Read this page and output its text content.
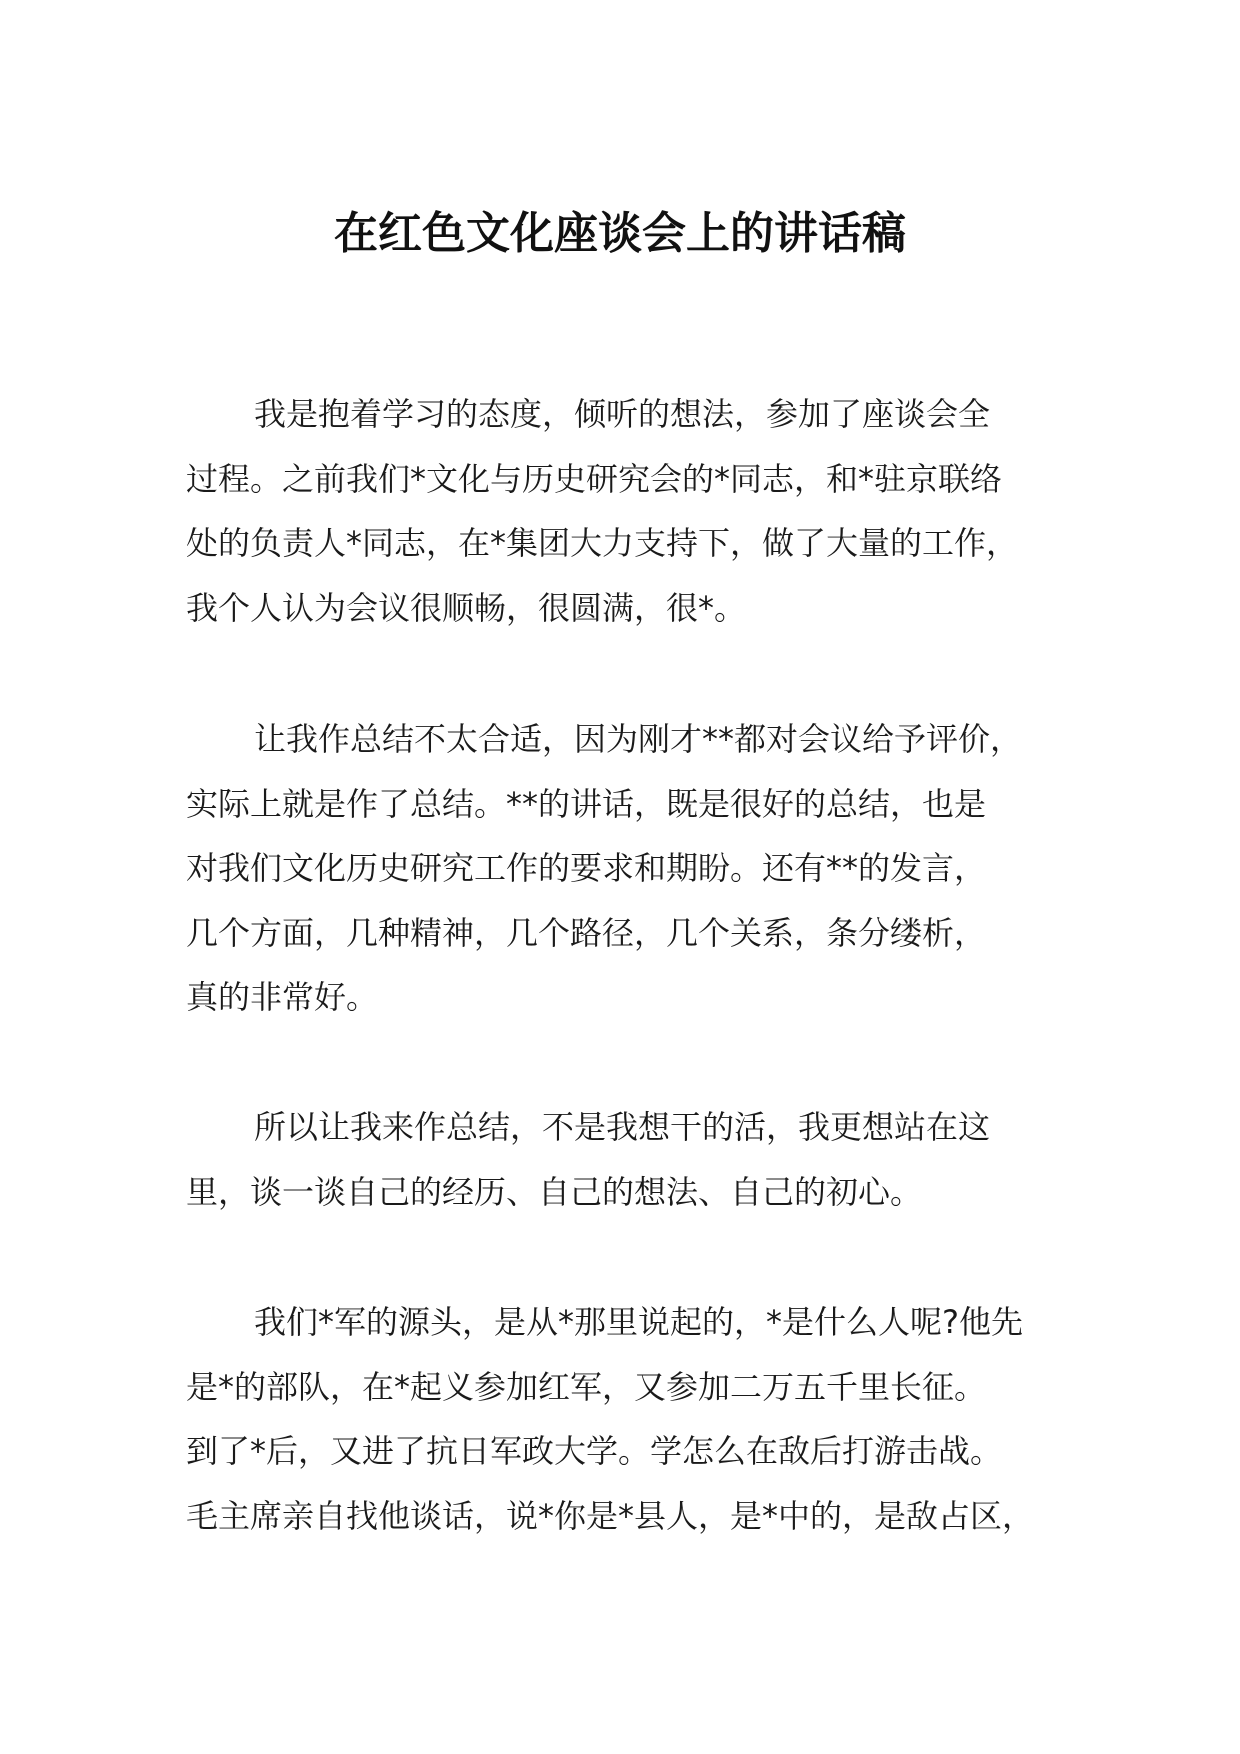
在红色文化座谈会上的讲话稿
我是抱着学习的态度，倾听的想法，参加了座谈会全
过程。之前我们*文化与历史研究会的*同志，和*驻京联络
处的负责人*同志，在*集团大力支持下，做了大量的工作，
我个人认为会议很顺畅，很圆满，很*。
让我作总结不太合适，因为刚才**都对会议给予评价，
实际上就是作了总结。**的讲话，既是很好的总结，也是
对我们文化历史研究工作的要求和期盼。还有**的发言，
几个方面，几种精神，几个路径，几个关系，条分缕析，
真的非常好。
所以让我来作总结，不是我想干的活，我更想站在这
里，谈一谈自己的经历、自己的想法、自己的初心。
我们*军的源头，是从*那里说起的，*是什么人呢?他先
是*的部队，在*起义参加红军，又参加二万五千里长征。
到了*后，又进了抗日军政大学。学怎么在敌后打游击战。
毛主席亲自找他谈话，说*你是*县人，是*中的，是敌占区，
